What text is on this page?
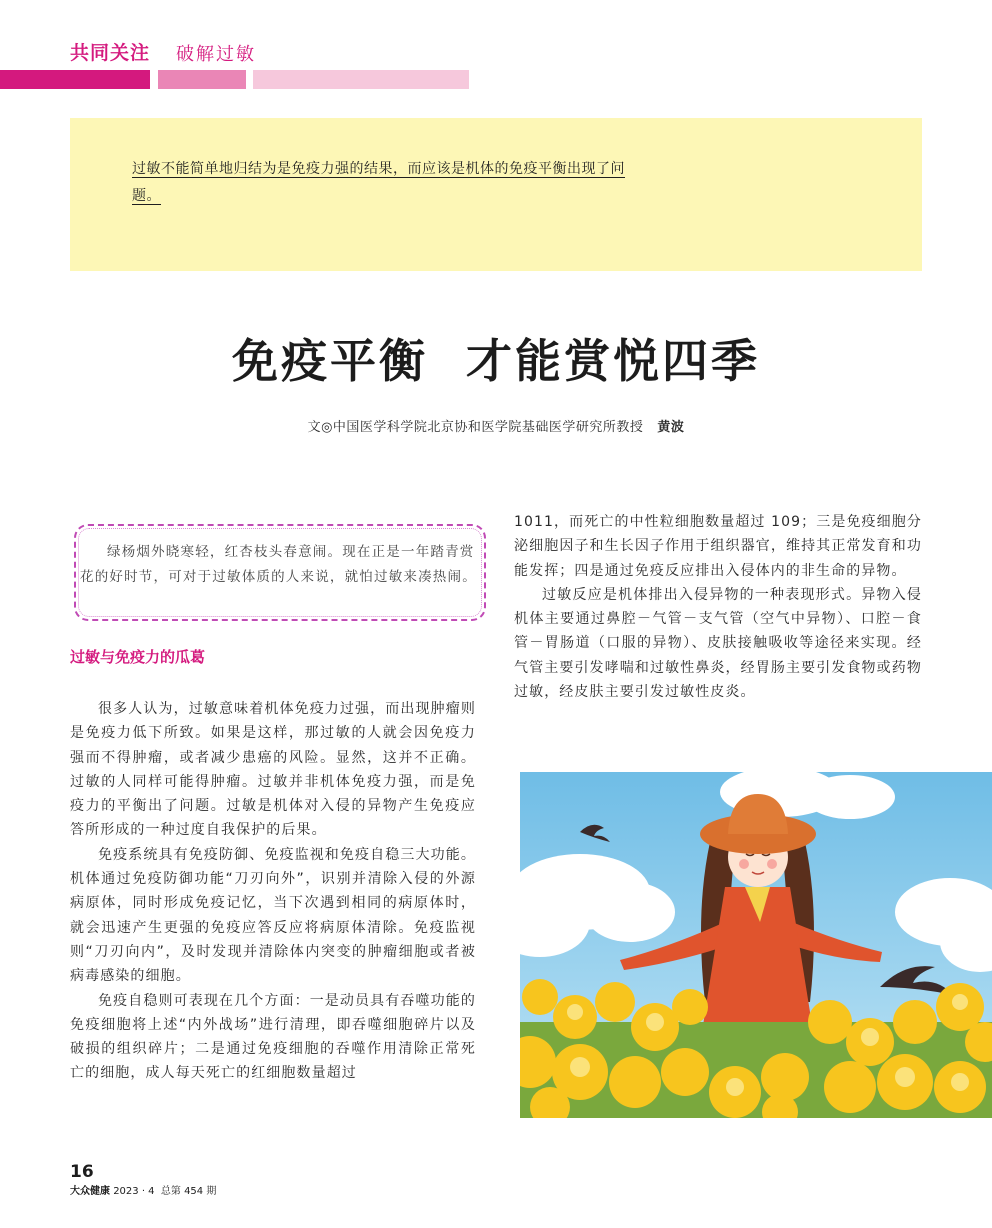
共同关注 破解过敏
过敏不能简单地归结为是免疫力强的结果，而应该是机体的免疫平衡出现了问题。
免疫平衡  才能赏悦四季
文◎中国医学科学院北京协和医学院基础医学研究所教授 黄波
绿杨烟外晓寒轻，红杏枝头春意闹。现在正是一年踏青赏花的好时节，可对于过敏体质的人来说，就怕过敏来凑热闹。
过敏与免疫力的瓜葛

很多人认为，过敏意味着机体免疫力过强，而出现肿瘤则是免疫力低下所致。如果是这样，那过敏的人就会因免疫力强而不得肿瘤，或者减少患癌的风险。显然，这并不正确。过敏的人同样可能得肿瘤。过敏并非机体免疫力强，而是免疫力的平衡出了问题。过敏是机体对入侵的异物产生免疫应答所形成的一种过度自我保护的后果。

免疫系统具有免疫防御、免疫监视和免疫自稳三大功能。机体通过免疫防御功能“刀刃向外”，识别并清除入侵的外源病原体，同时形成免疫记忆，当下次遇到相同的病原体时，就会迅速产生更强的免疫应答反应将病原体清除。免疫监视则“刀刃向内”，及时发现并清除体内突变的肿瘤细胞或者被病毒感染的细胞。

免疫自稳则可表现在几个方面：一是动员具有吞噬功能的免疫细胞将上述“内外战场”进行清理，即吞噬细胞碎片以及破损的组织碎片；二是通过免疫细胞的吞噬作用清除正常死亡的细胞，成人每天死亡的红细胞数量超过

1011，而死亡的中性粒细胞数量超过 109；三是免疫细胞分泌细胞因子和生长因子作用于组织器官，维持其正常发育和功能发挥；四是通过免疫反应排出入侵体内的非生命的异物。

过敏反应是机体排出入侵异物的一种表现形式。异物入侵机体主要通过鼻腔－气管－支气管（空气中异物）、口腔－食管－胃肠道（口服的异物）、皮肤接触吸收等途径来实现。经气管主要引发哮喘和过敏性鼻炎，经胃肠主要引发食物或药物过敏，经皮肤主要引发过敏性皮炎。

16
大众健康 2023 · 4  总第 454 期
